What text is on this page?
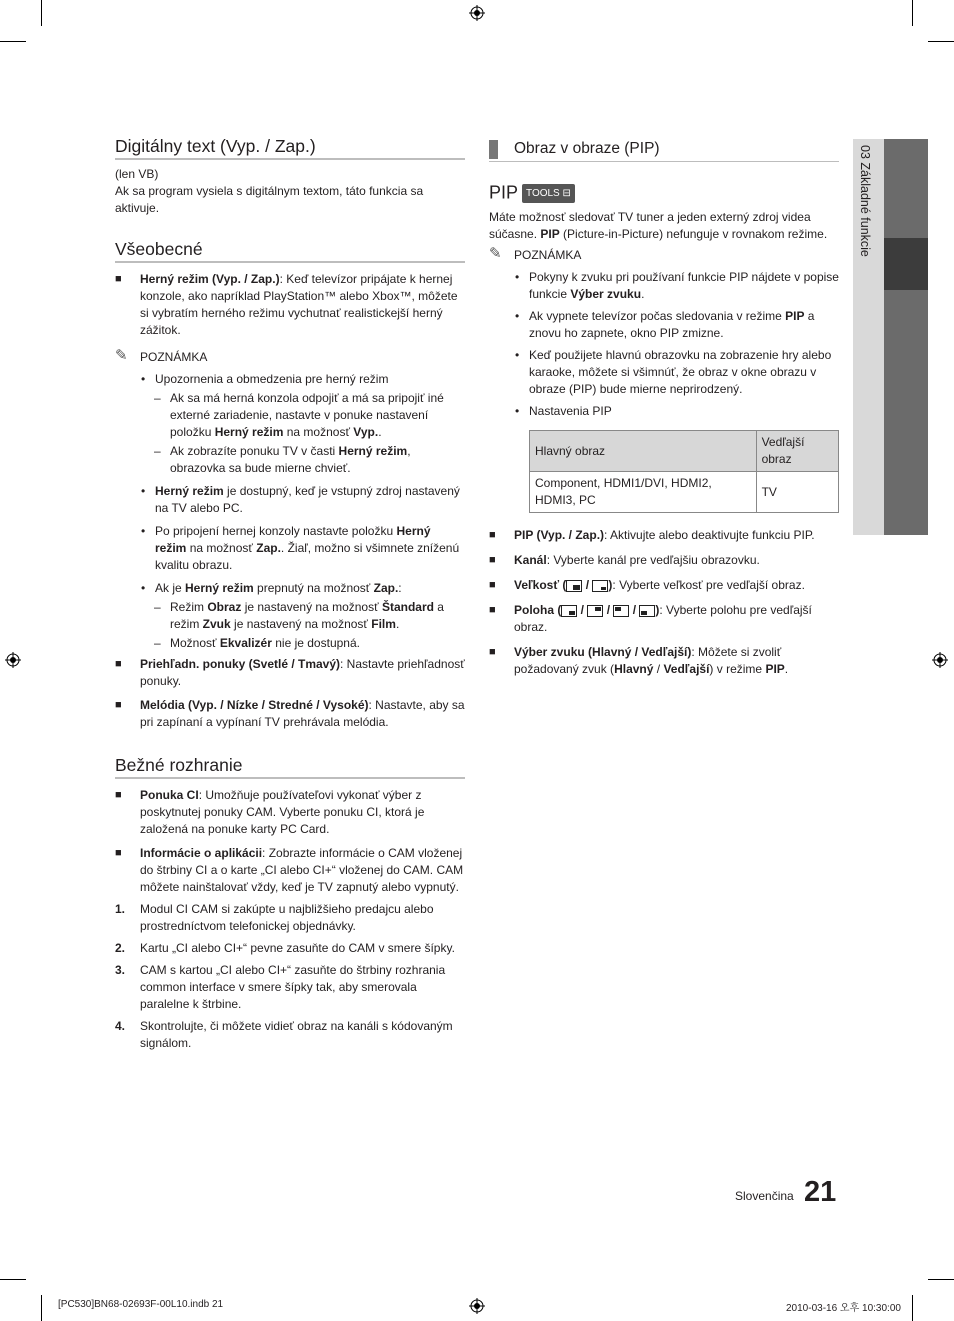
03 Základné funkcie
Digitálny text (Vyp. / Zap.)

(len VB)

Ak sa program vysiela s digitálnym textom, táto funkcia sa aktivuje.

Všeobecné
■ Herný režim (Vyp. / Zap.): Keď televízor pripájate k hernej konzole, ako napríklad PlayStation™ alebo Xbox™, môžete si vybratím herného režimu vychutnať realistickejší herný zážitok.
✎ POZNÁMKA
• Upozornenia a obmedzenia pre herný režim
– Ak sa má herná konzola odpojiť a má sa pripojiť iné externé zariadenie, nastavte v ponuke nastavení položku Herný režim na možnosť Vyp..
– Ak zobrazíte ponuku TV v časti Herný režim, obrazovka sa bude mierne chvieť.
• Herný režim je dostupný, keď je vstupný zdroj nastavený na TV alebo PC.
• Po pripojení hernej konzoly nastavte položku Herný režim na možnosť Zap.. Žiaľ, možno si všimnete zníženú kvalitu obrazu.
• Ak je Herný režim prepnutý na možnosť Zap.:
– Režim Obraz je nastavený na možnosť Štandard a režim Zvuk je nastavený na možnosť Film.
– Možnosť Ekvalizér nie je dostupná.
■ Priehľadn. ponuky (Svetlé / Tmavý): Nastavte priehľadnosť ponuky.
■ Melódia (Vyp. / Nízke / Stredné / Vysoké): Nastavte, aby sa pri zapínaní a vypínaní TV prehrávala melódia.
Bežné rozhranie
■ Ponuka CI: Umožňuje používateľovi vykonať výber z poskytnutej ponuky CAM. Vyberte ponuku CI, ktorá je založená na ponuke karty PC Card.
■ Informácie o aplikácii: Zobrazte informácie o CAM vloženej do štrbiny CI a o karte „CI alebo CI+“ vloženej do CAM. CAM môžete nainštalovať vždy, keď je TV zapnutý alebo vypnutý.
1. Modul CI CAM si zakúpte u najbližšieho predajcu alebo prostredníctvom telefonickej objednávky.
2. Kartu „CI alebo CI+“ pevne zasuňte do CAM v smere šípky.
3. CAM s kartou „CI alebo CI+“ zasuňte do štrbiny rozhrania common interface v smere šípky tak, aby smerovala paralelne k štrbine.
4. Skontrolujte, či môžete vidieť obraz na kanáli s kódovaným signálom.
Obraz v obraze (PIP)
PIP TOOLS ⊟

Máte možnosť sledovať TV tuner a jeden externý zdroj videa súčasne. PIP (Picture-in-Picture) nefunguje v rovnakom režime.

✎ POZNÁMKA
• Pokyny k zvuku pri používaní funkcie PIP nájdete v popise funkcie Výber zvuku.
• Ak vypnete televízor počas sledovania v režime PIP a znovu ho zapnete, okno PIP zmizne.
• Keď použijete hlavnú obrazovku na zobrazenie hry alebo karaoke, môžete si všimnúť, že obraz v okne obrazu v obraze (PIP) bude mierne neprirodzený.
• Nastavenia PIP
Hlavný obraz	Vedľajší obraz
Component, HDMI1/DVI, HDMI2, HDMI3, PC	TV
■ PIP (Vyp. / Zap.): Aktivujte alebo deaktivujte funkciu PIP.
■ Kanál: Vyberte kanál pre vedľajšiu obrazovku.
■ Veľkosť (
/
): Vyberte veľkosť pre vedľajší obraz.
■ Poloha (
/
/
/
): Vyberte polohu pre vedľajší obraz.
■ Výber zvuku (Hlavný / Vedľajší): Môžete si zvoliť požadovaný zvuk (Hlavný / Vedľajší) v režime PIP.
Slovenčina 21
[PC530]BN68-02693F-00L10.indb 21	2010-03-16 오후 10:30:00
